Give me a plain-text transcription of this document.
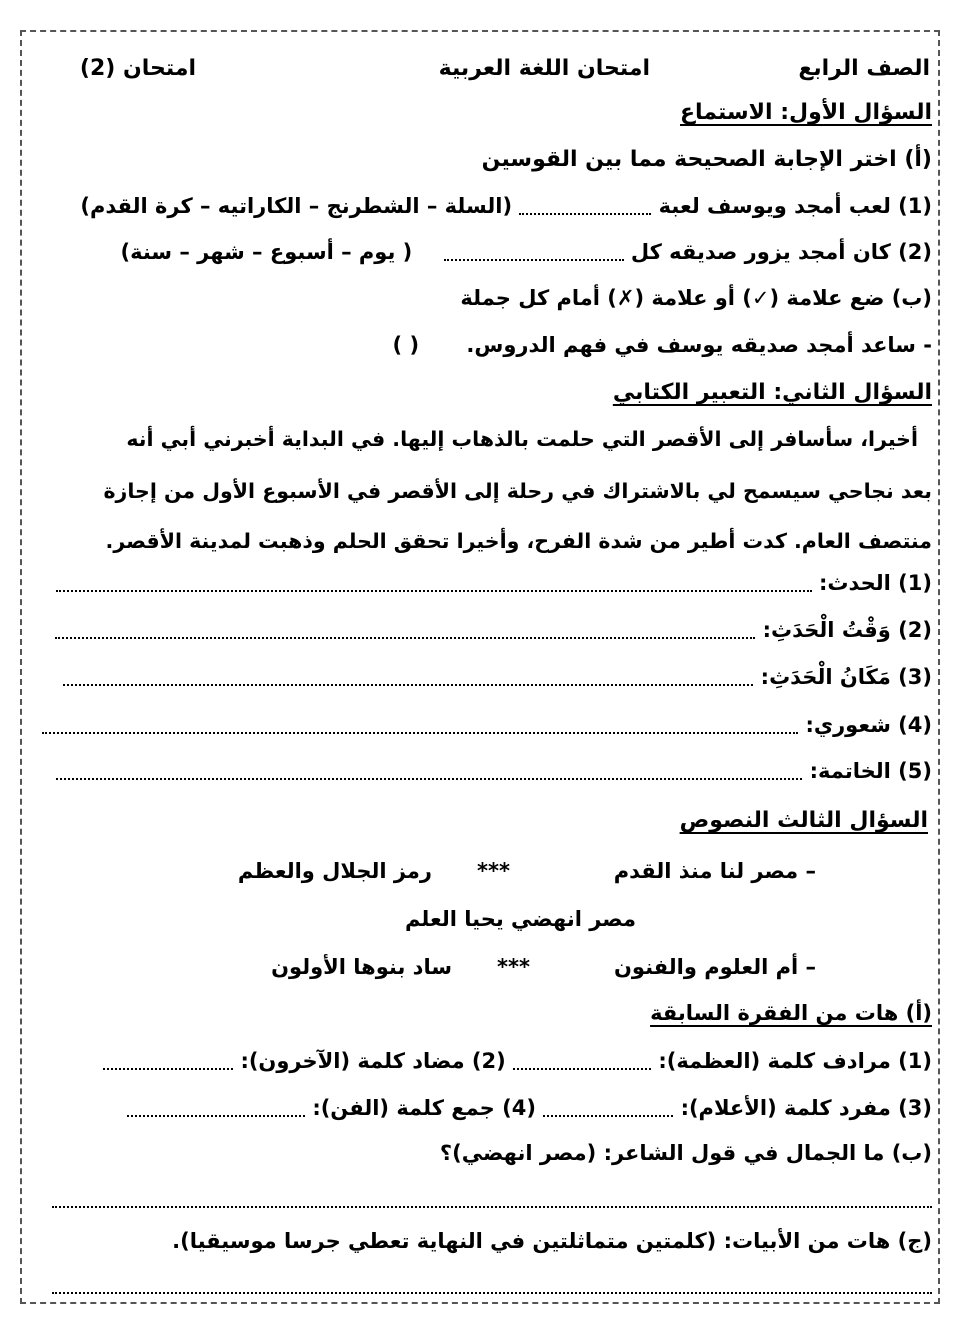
الصف الرابع
امتحان اللغة العربية
امتحان (2)
السؤال الأول: الاستماع
(أ) اختر الإجابة الصحيحة مما بين القوسين
(1) لعب أمجد ويوسف لعبة  (السلة – الشطرنج – الكاراتيه – كرة القدم)
(2) كان أمجد يزور صديقه كل  ( يوم – أسبوع – شهر – سنة)
(ب) ضع علامة (✓) أو علامة (✗) أمام كل جملة
- ساعد أمجد صديقه يوسف في فهم الدروس. ( )
السؤال الثاني: التعبير الكتابي
أخيرا، سأسافر إلى الأقصر التي حلمت بالذهاب إليها. في البداية أخبرني أبي أنه
بعد نجاحي سيسمح لي بالاشتراك في رحلة إلى الأقصر في الأسبوع الأول من إجازة
منتصف العام. كدت أطير من شدة الفرح، وأخيرا تحقق الحلم وذهبت لمدينة الأقصر.
(1) الحدث:
(2) وَقْتُ الْحَدَثِ:
(3) مَكَانُ الْحَدَثِ:
(4) شعوري:
(5) الخاتمة:
السؤال الثالث النصوص
– مصر لنا منذ القدم
***
رمز الجلال والعظم
مصر انهضي يحيا العلم
– أم العلوم والفنون
***
ساد بنوها الأولون
(أ) هات من الفقرة السابقة
(1) مرادف كلمة (العظمة):  (2) مضاد كلمة (الآخرون):
(3) مفرد كلمة (الأعلام):  (4) جمع كلمة (الفن):
(ب) ما الجمال في قول الشاعر: (مصر انهضي)؟
(ج) هات من الأبيات: (كلمتين متماثلتين في النهاية تعطي جرسا موسيقيا).
